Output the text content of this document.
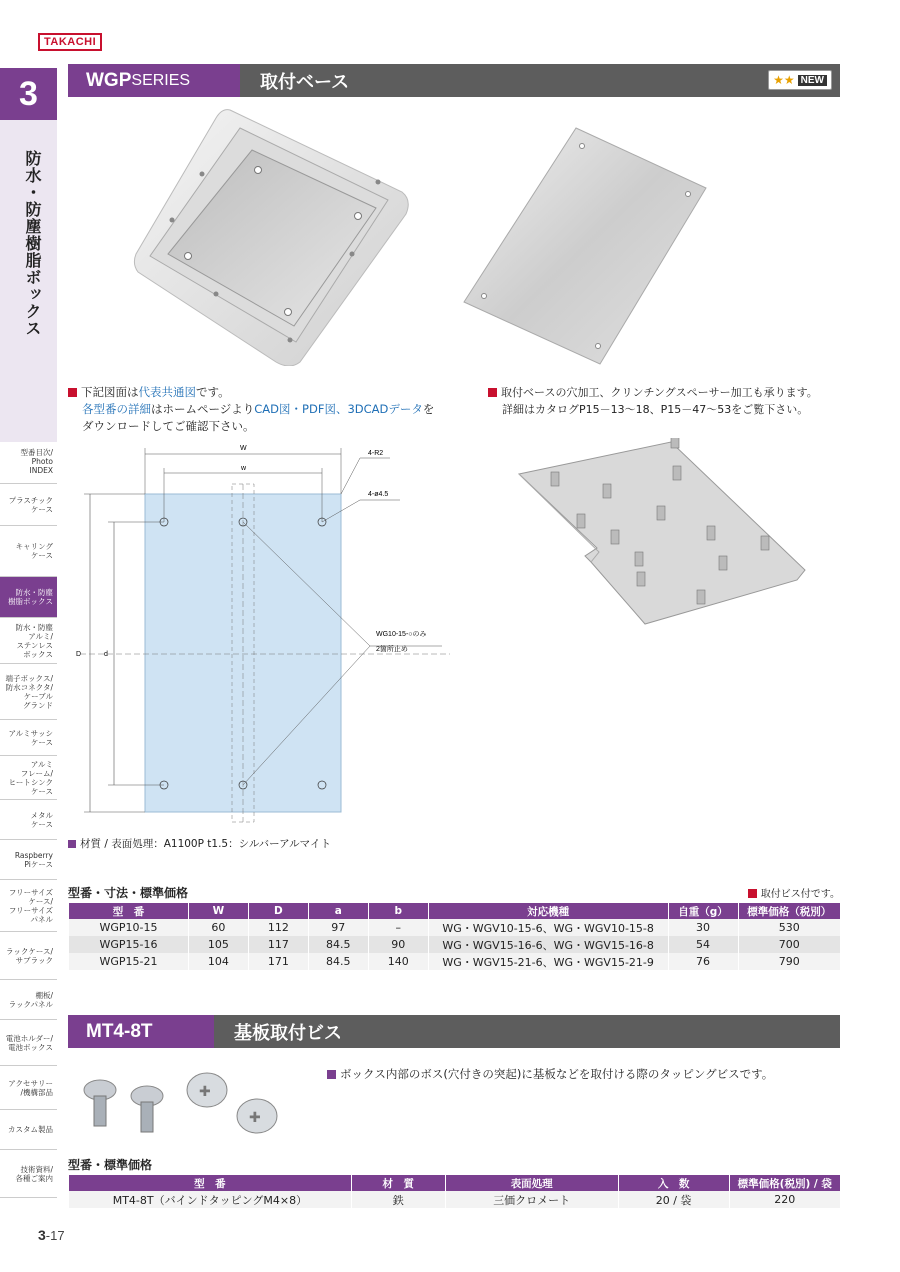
TAKACHI
3
防水・防塵樹脂ボックス
型番目次/
Photo
INDEX
プラスチック
ケース
キャリング
ケース
防水・防塵
樹脂ボックス
防水・防塵
アルミ/
ステンレス
ボックス
端子ボックス/
防水コネクタ/
ケーブル
グランド
アルミサッシ
ケース
アルミ
フレーム/
ヒートシンク
ケース
メタル
ケース
Raspberry
Piケース
フリーサイズ
ケース/
フリーサイズ
パネル
ラックケース/
サブラック
棚板/
ラックパネル
電池ホルダー/
電池ボックス
アクセサリー
/機構部品
カスタム製品
技術資料/
各種ご案内
WGP SERIES	取付ベース	★★ NEW
下記図面は代表共通図です。
各型番の詳細はホームページよりCAD図・PDF図、3DCADデータを
ダウンロードしてご確認下さい。
取付ベースの穴加工、クリンチングスペーサー加工も承ります。
詳細はカタログP15－13～18、P15－47～53をご覧下さい。
W
w
D	d
4-R2
4-ø4.5
WG10-15-○のみ
2箇所止め
材質 / 表面処理：A1100P t1.5：シルバーアルマイト
型番・寸法・標準価格	取付ビス付です。
型　番	W	D	a	b	対応機種	自重（g）	標準価格（税別）
WGP10-15	60	112	97	–	WG・WGV10-15-6、WG・WGV10-15-8	30	530
WGP15-16	105	117	84.5	90	WG・WGV15-16-6、WG・WGV15-16-8	54	700
WGP15-21	104	171	84.5	140	WG・WGV15-21-6、WG・WGV15-21-9	76	790
MT4-8T	基板取付ビス
✚
✚
ボックス内部のボス(穴付きの突起)に基板などを取付ける際のタッピングビスです。
型番・標準価格
型　番	材　質	表面処理	入　数	標準価格(税別) / 袋
MT4-8T（バインドタッピングM4×8）	鉄	三価クロメート	20 / 袋	220
3-17
